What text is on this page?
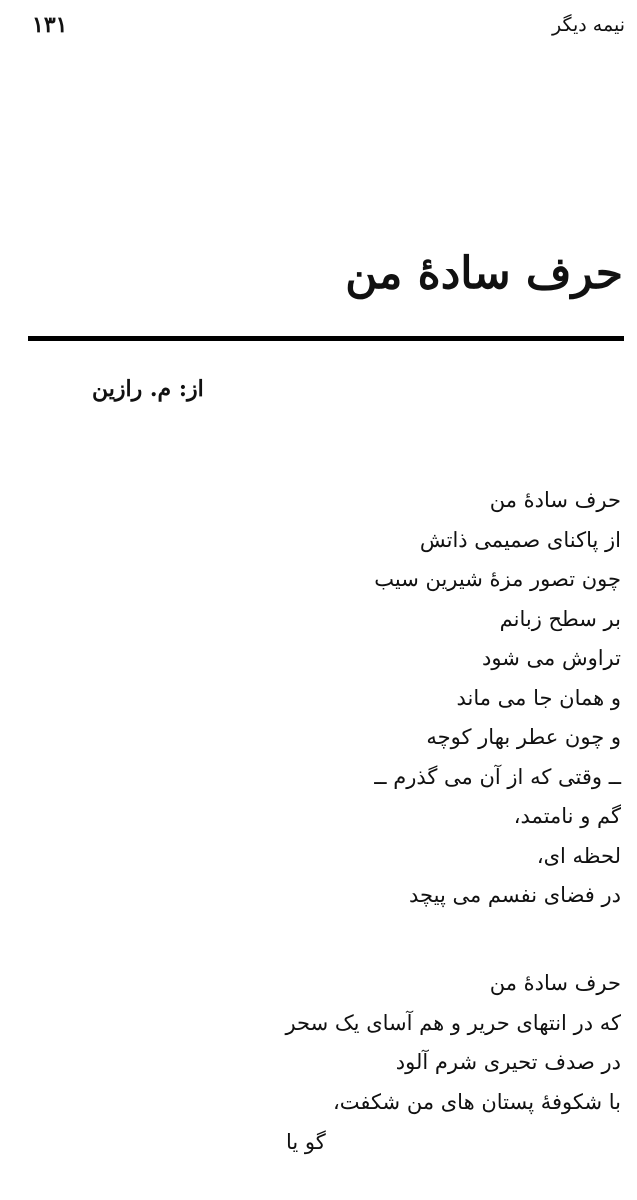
نیمه دیگر
۱۳۱
حرف سادهٔ من
از: م. رازین
حرف سادهٔ من
از پاکنای صمیمی ذاتش
چون تصور مزهٔ شیرین سیب
بر سطح زبانم
تراوش می شود
و همان جا می ماند
و چون عطر بهار کوچه
ــ وقتی که از آن می گذرم ــ
گم و نامتمد،
لحظه ای،
در فضای نفسم می پیچد
حرف سادهٔ من
که در انتهای حریر و هم آسای یک سحر
در صدف تحیری شرم آلود
با شکوفهٔ پستان های من شکفت،
گو یا
